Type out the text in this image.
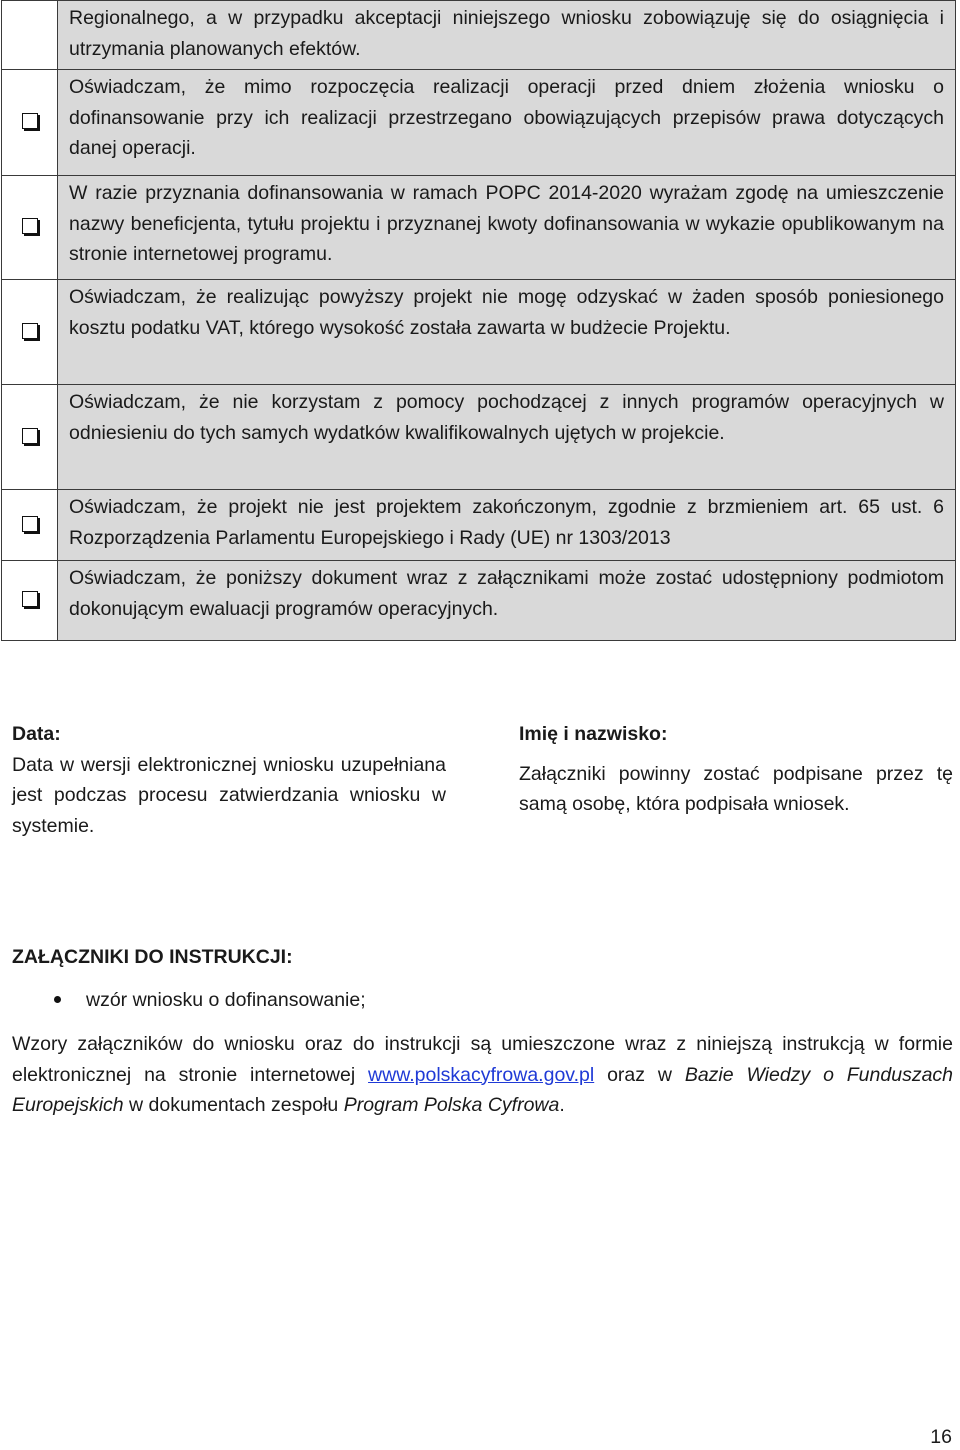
	Regionalnego, a w przypadku akceptacji niniejszego wniosku zobowiązuję się do osiągnięcia i utrzymania planowanych efektów.
	Oświadczam, że mimo rozpoczęcia realizacji operacji przed dniem złożenia wniosku o dofinansowanie przy ich realizacji przestrzegano obowiązujących przepisów prawa dotyczących danej operacji.
	W razie przyznania dofinansowania w ramach POPC 2014-2020 wyrażam zgodę na umieszczenie nazwy beneficjenta, tytułu projektu i przyznanej kwoty dofinansowania w wykazie opublikowanym na stronie internetowej programu.
	Oświadczam, że realizując powyższy projekt nie mogę odzyskać w żaden sposób poniesionego kosztu podatku VAT, którego wysokość została zawarta w budżecie Projektu.
	Oświadczam, że nie korzystam z pomocy pochodzącej z innych programów operacyjnych w odniesieniu do tych samych wydatków kwalifikowalnych ujętych w projekcie.
	Oświadczam, że projekt nie jest projektem zakończonym, zgodnie z brzmieniem art. 65 ust. 6 Rozporządzenia Parlamentu Europejskiego i Rady (UE) nr 1303/2013
	Oświadczam, że poniższy dokument wraz z załącznikami może zostać udostępniony podmiotom dokonującym ewaluacji programów operacyjnych.
Data:
Data w wersji elektronicznej wniosku uzupełniana jest podczas procesu zatwierdzania wniosku w systemie.
Imię i nazwisko:
Załączniki powinny zostać podpisane przez tę samą osobę, która podpisała wniosek.
ZAŁĄCZNIKI DO INSTRUKCJI:
wzór wniosku o dofinansowanie;

Wzory załączników do wniosku oraz do instrukcji są umieszczone wraz z niniejszą instrukcją w formie elektronicznej na stronie internetowej www.polskacyfrowa.gov.pl oraz w Bazie Wiedzy o Funduszach Europejskich w dokumentach zespołu Program Polska Cyfrowa.

16
